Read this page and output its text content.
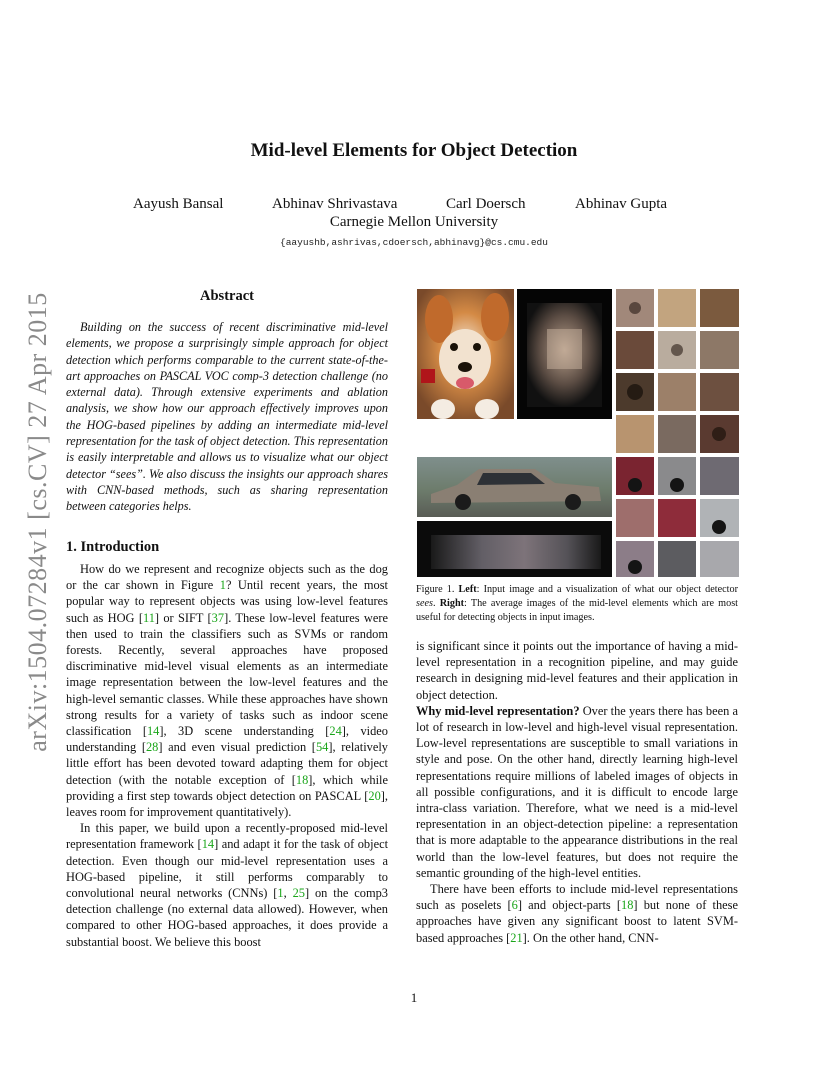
arXiv:1504.07284v1 [cs.CV] 27 Apr 2015
Mid-level Elements for Object Detection
Aayush Bansal	Abhinav Shrivastava	Carl Doersch	Abhinav Gupta
Carnegie Mellon University
{aayushb,ashrivas,cdoersch,abhinavg}@cs.cmu.edu
Abstract
Building on the success of recent discriminative mid-level elements, we propose a surprisingly simple approach for object detection which performs comparable to the current state-of-the-art approaches on PASCAL VOC comp-3 detection challenge (no external data). Through extensive experiments and ablation analysis, we show how our approach effectively improves upon the HOG-based pipelines by adding an intermediate mid-level representation for the task of object detection. This representation is easily interpretable and allows us to visualize what our object detector “sees”. We also discuss the insights our approach shares with CNN-based methods, such as sharing representation between categories helps.
1. Introduction

How do we represent and recognize objects such as the dog or the car shown in Figure 1? Until recent years, the most popular way to represent objects was using low-level features such as HOG [11] or SIFT [37]. These low-level features were then used to train the classifiers such as SVMs or random forests. Recently, several approaches have proposed discriminative mid-level visual elements as an intermediate image representation between the low-level features and the high-level semantic classes. While these approaches have shown strong results for a variety of tasks such as indoor scene classification [14], 3D scene understanding [24], video understanding [28] and even visual prediction [54], relatively little effort has been devoted toward adapting them for object detection (with the notable exception of [18], which while providing a first step towards object detection on PASCAL [20], leaves room for improvement quantitatively).

In this paper, we build upon a recently-proposed mid-level representation framework [14] and adapt it for the task of object detection. Even though our mid-level representation uses a HOG-based pipeline, it still performs comparably to convolutional neural networks (CNNs) [1, 25] on the comp3 detection challenge (no external data allowed). However, when compared to other HOG-based approaches, it does provide a substantial boost. We believe this boost

Figure 1. Left: Input image and a visualization of what our object detector sees. Right: The average images of the mid-level elements which are most useful for detecting objects in input images.

is significant since it points out the importance of having a mid-level representation in a recognition pipeline, and may guide research in designing mid-level features and their application in object detection.

Why mid-level representation? Over the years there has been a lot of research in low-level and high-level visual representation. Low-level representations are susceptible to small variations in style and pose. On the other hand, directly learning high-level representations require millions of labeled images of objects in all possible configurations, and it is difficult to encode large intra-class variation. Therefore, what we need is a mid-level representation in an object-detection pipeline: a representation that is more adaptable to the appearance distributions in the real world than the low-level features, but does not require the semantic grounding of the high-level entities.

There have been efforts to include mid-level representations such as poselets [6] and object-parts [18] but none of these approaches have given any significant boost to latent SVM-based approaches [21]. On the other hand, CNN-

1
